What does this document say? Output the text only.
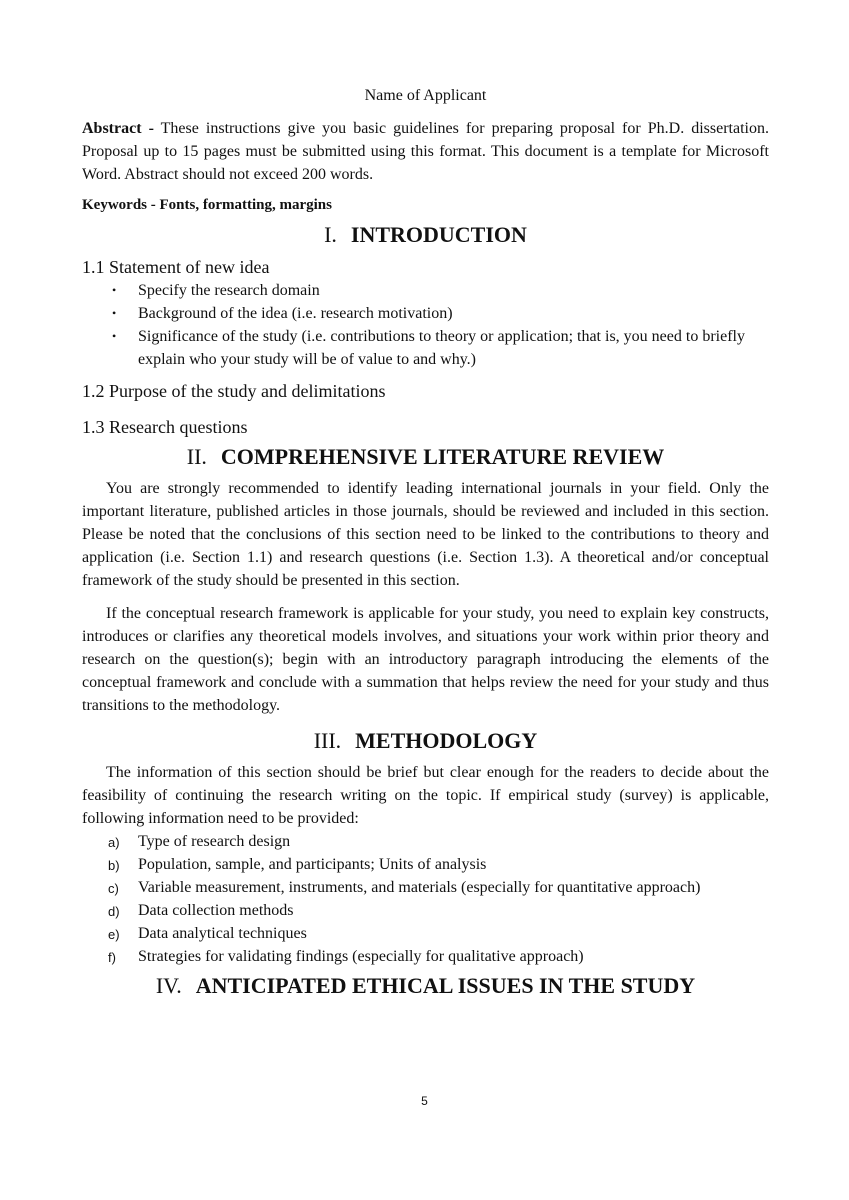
Name of Applicant

Abstract - These instructions give you basic guidelines for preparing proposal for Ph.D. dissertation. Proposal up to 15 pages must be submitted using this format. This document is a template for Microsoft Word. Abstract should not exceed 200 words.

Keywords - Fonts, formatting, margins

I. INTRODUCTION
1.1 Statement of new idea
• Specify the research domain
• Background of the idea (i.e. research motivation)
• Significance of the study (i.e. contributions to theory or application; that is, you need to briefly explain who your study will be of value to and why.)
1.2 Purpose of the study and delimitations
1.3 Research questions
II. COMPREHENSIVE LITERATURE REVIEW

You are strongly recommended to identify leading international journals in your field. Only the important literature, published articles in those journals, should be reviewed and included in this section. Please be noted that the conclusions of this section need to be linked to the contributions to theory and application (i.e. Section 1.1) and research questions (i.e. Section 1.3). A theoretical and/or conceptual framework of the study should be presented in this section.

If the conceptual research framework is applicable for your study, you need to explain key constructs, introduces or clarifies any theoretical models involves, and situations your work within prior theory and research on the question(s); begin with an introductory paragraph introducing the elements of the conceptual framework and conclude with a summation that helps review the need for your study and thus transitions to the methodology.

III. METHODOLOGY

The information of this section should be brief but clear enough for the readers to decide about the feasibility of continuing the research writing on the topic. If empirical study (survey) is applicable, following information need to be provided:

a) Type of research design
b) Population, sample, and participants; Units of analysis
c) Variable measurement, instruments, and materials (especially for quantitative approach)
d) Data collection methods
e) Data analytical techniques
f) Strategies for validating findings (especially for qualitative approach)
IV. ANTICIPATED ETHICAL ISSUES IN THE STUDY
5
